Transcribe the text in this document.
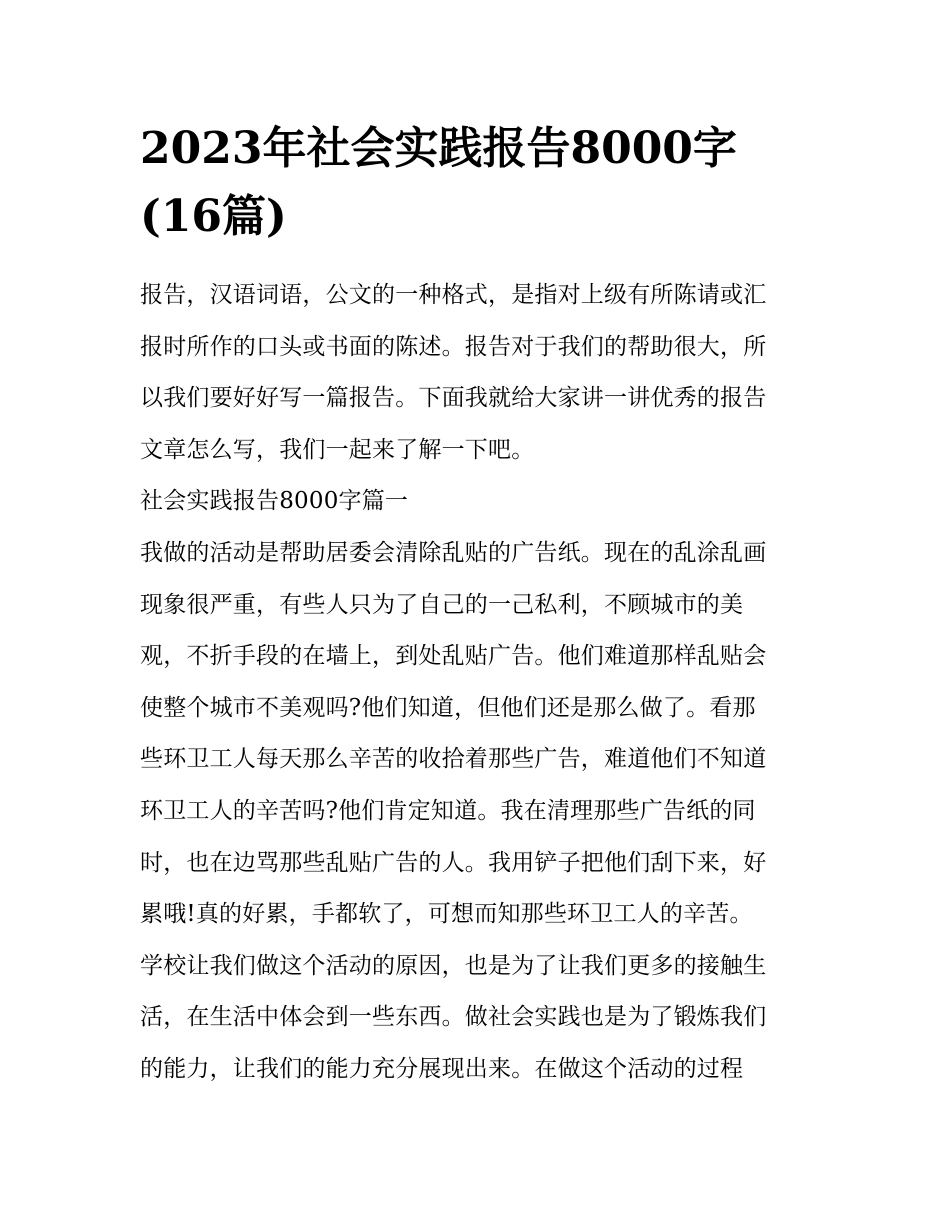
2023年社会实践报告8000字
(16篇)
报告，汉语词语，公文的一种格式，是指对上级有所陈请或汇
报时所作的口头或书面的陈述。报告对于我们的帮助很大，所
以我们要好好写一篇报告。下面我就给大家讲一讲优秀的报告
文章怎么写，我们一起来了解一下吧。
社会实践报告8000字篇一
我做的活动是帮助居委会清除乱贴的广告纸。现在的乱涂乱画
现象很严重，有些人只为了自己的一己私利，不顾城市的美
观，不折手段的在墙上，到处乱贴广告。他们难道那样乱贴会
使整个城市不美观吗?他们知道，但他们还是那么做了。看那
些环卫工人每天那么辛苦的收拾着那些广告，难道他们不知道
环卫工人的辛苦吗?他们肯定知道。我在清理那些广告纸的同
时，也在边骂那些乱贴广告的人。我用铲子把他们刮下来，好
累哦!真的好累，手都软了，可想而知那些环卫工人的辛苦。
学校让我们做这个活动的原因，也是为了让我们更多的接触生
活，在生活中体会到一些东西。做社会实践也是为了锻炼我们
的能力，让我们的能力充分展现出来。在做这个活动的过程
